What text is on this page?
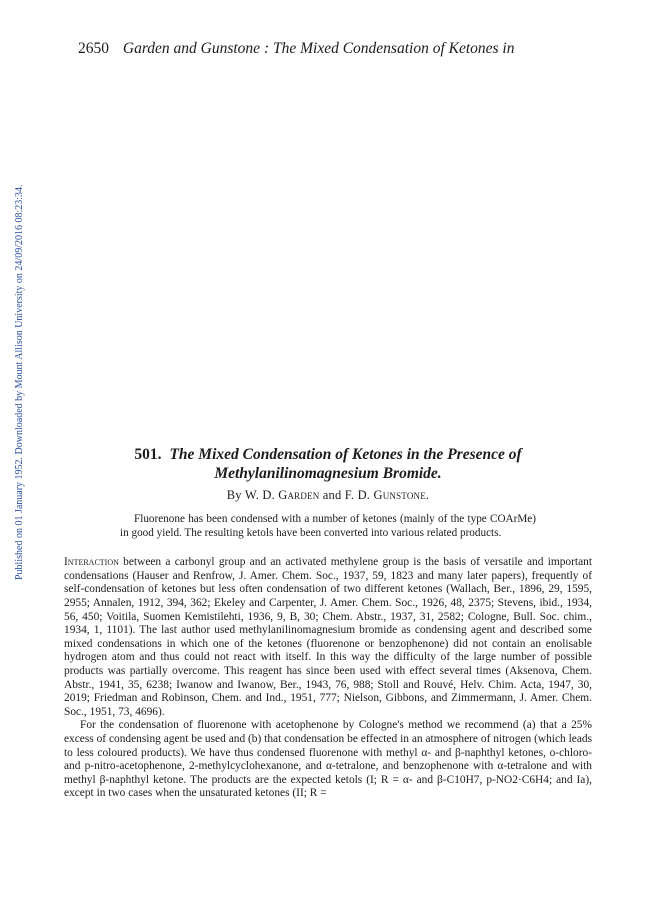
2650 Garden and Gunstone : The Mixed Condensation of Ketones in
Published on 01 January 1952. Downloaded by Mount Allison University on 24/09/2016 08:23:34.	501. The Mixed Condensation of Ketones in the Presence of Methylanilinomagnesium Bromide.
By W. D. Garden and F. D. Gunstone.
Fluorenone has been condensed with a number of ketones (mainly of the type COArMe) in good yield. The resulting ketols have been converted into various related products.

Interaction between a carbonyl group and an activated methylene group is the basis of versatile and important condensations (Hauser and Renfrow, J. Amer. Chem. Soc., 1937, 59, 1823 and many later papers), frequently of self-condensation of ketones but less often condensation of two different ketones (Wallach, Ber., 1896, 29, 1595, 2955; Annalen, 1912, 394, 362; Ekeley and Carpenter, J. Amer. Chem. Soc., 1926, 48, 2375; Stevens, ibid., 1934, 56, 450; Voitila, Suomen Kemistilehti, 1936, 9, B, 30; Chem. Abstr., 1937, 31, 2582; Cologne, Bull. Soc. chim., 1934, 1, 1101). The last author used methylanilinomagnesium bromide as condensing agent and described some mixed condensations in which one of the ketones (fluorenone or benzophenone) did not contain an enolisable hydrogen atom and thus could not react with itself. In this way the difficulty of the large number of possible products was partially overcome. This reagent has since been used with effect several times (Aksenova, Chem. Abstr., 1941, 35, 6238; Iwanow and Iwanow, Ber., 1943, 76, 988; Stoll and Rouvé, Helv. Chim. Acta, 1947, 30, 2019; Friedman and Robinson, Chem. and Ind., 1951, 777; Nielson, Gibbons, and Zimmermann, J. Amer. Chem. Soc., 1951, 73, 4696).

For the condensation of fluorenone with acetophenone by Cologne's method we recommend (a) that a 25% excess of condensing agent be used and (b) that condensation be effected in an atmosphere of nitrogen (which leads to less coloured products). We have thus condensed fluorenone with methyl α- and β-naphthyl ketones, o-chloro- and p-nitro-acetophenone, 2-methylcyclohexanone, and α-tetralone, and benzophenone with α-tetralone and with methyl β-naphthyl ketone. The products are the expected ketols (I; R = α- and β-C10H7, p-NO2·C6H4; and Ia), except in two cases when the unsaturated ketones (II; R =
